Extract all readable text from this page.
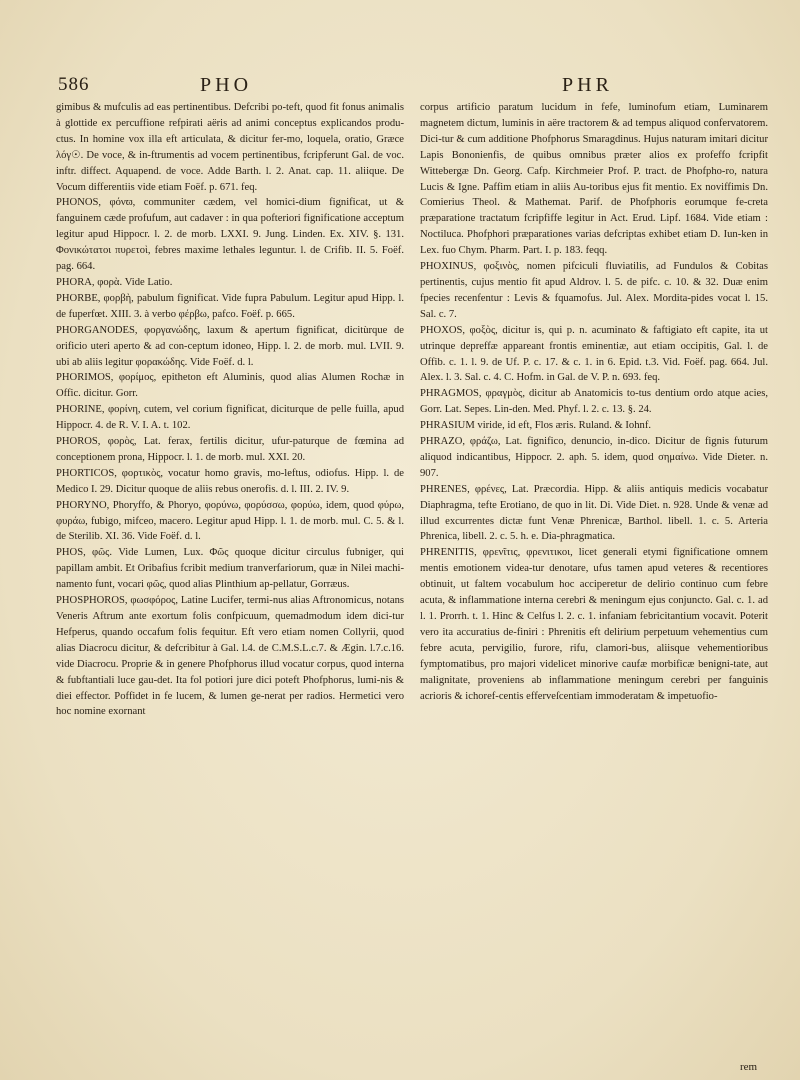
586	PHO	PHR

gimibus & mufculis ad eas pertinentibus. Defcribi po-teft, quod fit fonus animalis à glottide ex percuffione refpirati aëris ad animi conceptus explicandos produ-ctus. In homine vox illa eft articulata, & dicitur fer-mo, loquela, oratio, Græce λόγ☉. De voce, & in-ftrumentis ad vocem pertinentibus, fcripferunt Gal. de voc. inftr. diffect. Aquapend. de voce. Adde Barth. l. 2. Anat. cap. 11. aliique. De Vocum differentiis vide etiam Foëf. p. 671. feq.

PHONOS, φόνϖ, communiter cædem, vel homici-dium fignificat, ut & fanguinem cæde profufum, aut cadaver : in qua pofteriori fignificatione acceptum legitur apud Hippocr. l. 2. de morb. LXXI. 9. Jung. Linden. Ex. XIV. §. 131. Φονικώτατοι πυρετοὶ, febres maxime lethales leguntur. l. de Crifib. II. 5. Foëf. pag. 664.

PHORA, φορὰ. Vide Latio.

PHORBE, φορβὴ, pabulum fignificat. Vide fupra Pabulum. Legitur apud Hipp. l. de fuperfœt. XIII. 3. à verbo φέρβω, pafco. Foëf. p. 665.

PHORGANODES, φοργανώδης, laxum & apertum fignificat, dicitùrque de orificio uteri aperto & ad con-ceptum idoneo, Hipp. l. 2. de morb. mul. LVII. 9. ubi ab aliis legitur φορακώδης. Vide Foëf. d. l.

PHORIMOS, φορίμος, epitheton eft Aluminis, quod alias Alumen Rochæ in Offic. dicitur. Gorr.

PHORINE, φορίνη, cutem, vel corium fignificat, diciturque de pelle fuilla, apud Hippocr. 4. de R. V. I. A. t. 102.

PHOROS, φορὸς, Lat. ferax, fertilis dicitur, ufur-paturque de fœmina ad conceptionem prona, Hippocr. l. 1. de morb. mul. XXI. 20.

PHORTICOS, φορτικὸς, vocatur homo gravis, mo-leftus, odiofus. Hipp. l. de Medico I. 29. Dicitur quoque de aliis rebus onerofis. d. l. III. 2. IV. 9.

PHORYNO, Phoryffo, & Phoryo, φορύνω, φορύσσω, φορύω, idem, quod φύρω, φυράω, fubigo, mifceo, macero. Legitur apud Hipp. l. 1. de morb. mul. C. 5. & l. de Sterilib. XI. 36. Vide Foëf. d. l.

PHOS, φῶς. Vide Lumen, Lux. Φῶς quoque dicitur circulus fubniger, qui papillam ambit. Et Oribafius fcribit medium tranverfariorum, quæ in Nilei machi-namento funt, vocari φῶς, quod alias Plinthium ap-pellatur, Gorræus.

PHOSPHOROS, φωσφόρος, Latine Lucifer, termi-nus alias Aftronomicus, notans Veneris Aftrum ante exortum folis confpicuum, quemadmodum idem dici-tur Hefperus, quando occafum folis fequitur. Eft vero etiam nomen Collyrii, quod alias Diacrocu dicitur, & defcribitur à Gal. l.4. de C.M.S.L.c.7. & Ægin. l.7.c.16. vide Diacrocu. Proprie & in genere Phofphorus illud vocatur corpus, quod interna & fubftantiali luce gau-det. Ita fol potiori jure dici poteft Phofphorus, lumi-nis & diei effector. Poffidet in fe lucem, & lumen ge-nerat per radios. Hermetici vero hoc nomine exornant

corpus artificio paratum lucidum in fefe, luminofum etiam, Luminarem magnetem dictum, luminis in aëre tractorem & ad tempus aliquod confervatorem. Dici-tur & cum additione Phofphorus Smaragdinus. Hujus naturam imitari dicitur Lapis Bononienfis, de quibus omnibus præter alios ex profeffo fcripfit Wittebergæ Dn. Georg. Cafp. Kirchmeier Prof. P. tract. de Phofpho-ro, natura Lucis & Igne. Paffim etiam in aliis Au-toribus ejus fit mentio. Ex noviffimis Dn. Comierius Theol. & Mathemat. Parif. de Phofphoris eorumque fe-creta præparatione tractatum fcripfiffe legitur in Act. Erud. Lipf. 1684. Vide etiam : Noctiluca. Phofphori præparationes varias defcriptas exhibet etiam D. Iun-ken in Lex. fuo Chym. Pharm. Part. I. p. 183. feqq.

PHOXINUS, φοξινὸς, nomen pifciculi fluviatilis, ad Fundulos & Cobitas pertinentis, cujus mentio fit apud Aldrov. l. 5. de pifc. c. 10. & 32. Duæ enim fpecies recenfentur : Levis & fquamofus. Jul. Alex. Mordita-pides vocat l. 15. Sal. c. 7.

PHOXOS, φοξὸς, dicitur is, qui p. n. acuminato & faftigiato eft capite, ita ut utrinque depreffæ appareant frontis eminentiæ, aut etiam occipitis, Gal. l. de Offib. c. 1. l. 9. de Uf. P. c. 17. & c. 1. in 6. Epid. t.3. Vid. Foëf. pag. 664. Jul. Alex. l. 3. Sal. c. 4. C. Hofm. in Gal. de V. P. n. 693. feq.

PHRAGMOS, φραγμὸς, dicitur ab Anatomicis to-tus dentium ordo atque acies, Gorr. Lat. Sepes. Lin-den. Med. Phyf. l. 2. c. 13. §. 24.

PHRASIUM viride, id eft, Flos æris. Ruland. & Iohnf.

PHRAZO, φράζω, Lat. fignifico, denuncio, in-dico. Dicitur de fignis futurum aliquod indicantibus, Hippocr. 2. aph. 5. idem, quod σημαίνω. Vide Dieter. n. 907.

PHRENES, φρένες, Lat. Præcordia. Hipp. & aliis antiquis medicis vocabatur Diaphragma, tefte Erotiano, de quo in lit. Di. Vide Diet. n. 928. Unde & venæ ad illud excurrentes dictæ funt Venæ Phrenicæ, Barthol. libell. 1. c. 5. Arteria Phrenica, libell. 2. c. 5. h. e. Dia-phragmatica.

PHRENITIS, φρενῖτις, φρενιτικοι, licet generali etymi fignificatione omnem mentis emotionem videa-tur denotare, ufus tamen apud veteres & recentiores obtinuit, ut faltem vocabulum hoc acciperetur de delirio continuo cum febre acuta, & inflammatione interna cerebri & meningum ejus conjuncto. Gal. c. 1. ad l. 1. Prorrh. t. 1. Hinc & Celfus l. 2. c. 1. infaniam febricitantium vocavit. Poterit vero ita accuratius de-finiri : Phrenitis eft delirium perpetuum vehementius cum febre acuta, pervigilio, furore, rifu, clamori-bus, aliisque vehementioribus fymptomatibus, pro majori videlicet minorive caufæ morbificæ benigni-tate, aut malignitate, proveniens ab inflammatione meningum cerebri per fanguinis acrioris & ichoref-centis efferveſcentiam immoderatam & impetuofio-

rem
